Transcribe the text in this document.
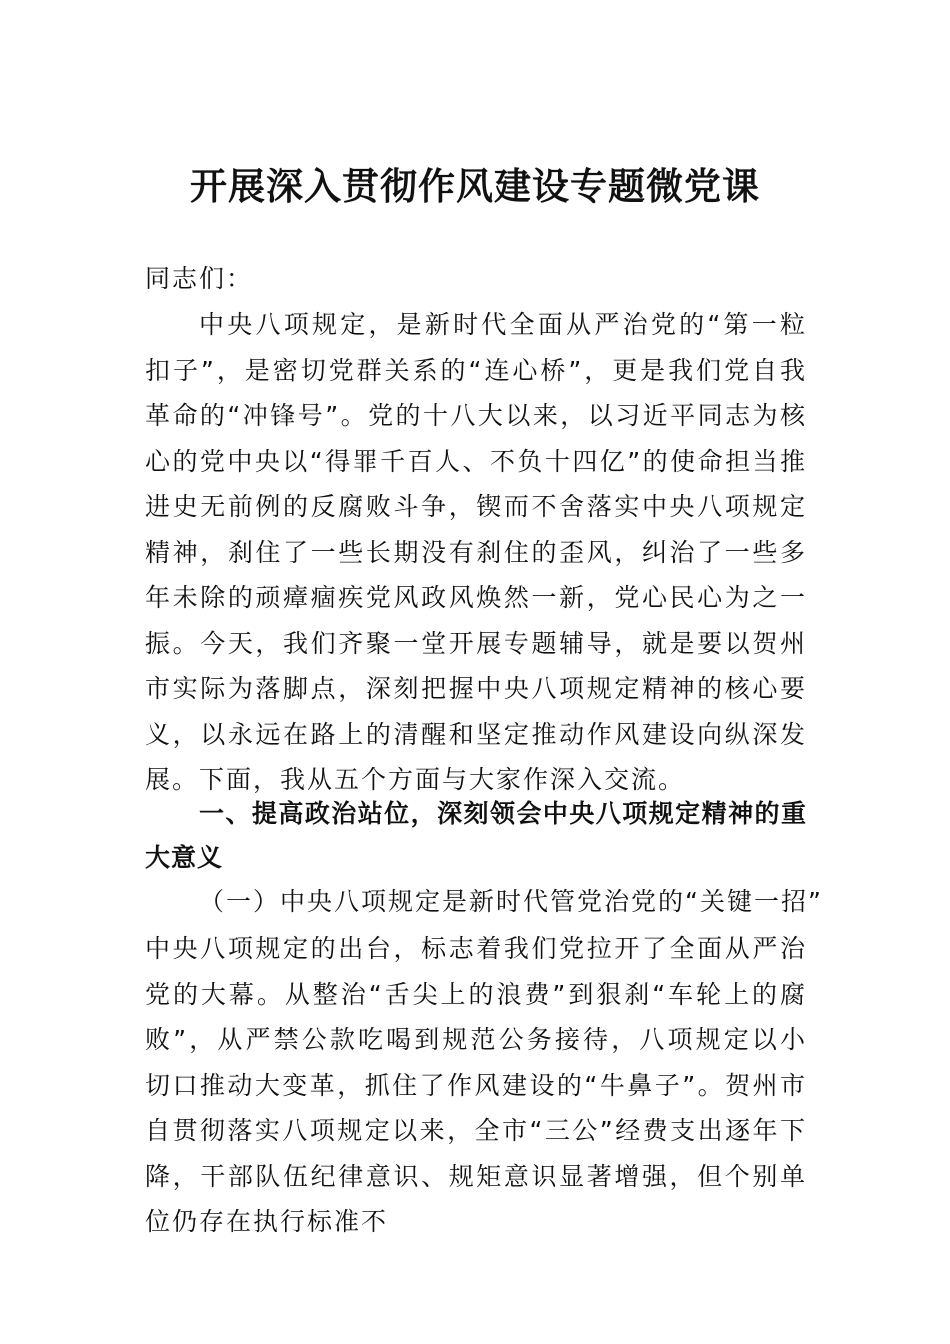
开展深入贯彻作风建设专题微党课

同志们：

中央八项规定，是新时代全面从严治党的“第一粒扣子”，是密切党群关系的“连心桥”，更是我们党自我革命的“冲锋号”。党的十八大以来，以习近平同志为核心的党中央以“得罪千百人、不负十四亿”的使命担当推进史无前例的反腐败斗争，锲而不舍落实中央八项规定精神，刹住了一些长期没有刹住的歪风，纠治了一些多年未除的顽瘴痼疾党风政风焕然一新，党心民心为之一振。今天，我们齐聚一堂开展专题辅导，就是要以贺州市实际为落脚点，深刻把握中央八项规定精神的核心要义，以永远在路上的清醒和坚定推动作风建设向纵深发展。下面，我从五个方面与大家作深入交流。

一、提高政治站位，深刻领会中央八项规定精神的重大意义

（一）中央八项规定是新时代管党治党的“关键一招”

中央八项规定的出台，标志着我们党拉开了全面从严治党的大幕。从整治“舌尖上的浪费”到狠刹“车轮上的腐败”，从严禁公款吃喝到规范公务接待，八项规定以小切口推动大变革，抓住了作风建设的“牛鼻子”。贺州市自贯彻落实八项规定以来，全市“三公”经费支出逐年下降，干部队伍纪律意识、规矩意识显著增强，但个别单位仍存在执行标准不
